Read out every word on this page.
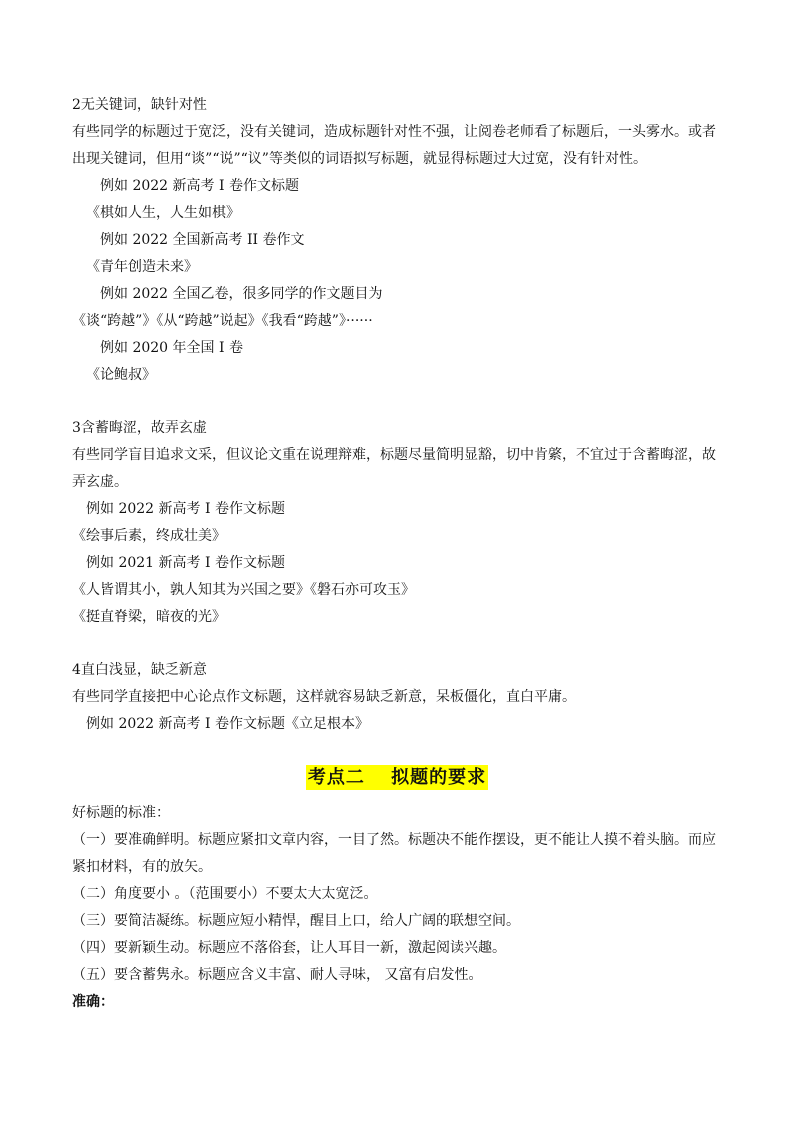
2无关键词，缺针对性
有些同学的标题过于宽泛，没有关键词，造成标题针对性不强，让阅卷老师看了标题后，一头雾水。或者
出现关键词，但用“谈”“说”“议”等类似的词语拟写标题，就显得标题过大过宽，没有针对性。
例如 2022 新高考 I 卷作文标题
《棋如人生，人生如棋》
例如 2022 全国新高考 II 卷作文
《青年创造未来》
例如 2022 全国乙卷，很多同学的作文题目为
《谈“跨越”》《从“跨越”说起》《我看“跨越”》······
例如 2020 年全国 I 卷
《论鲍叔》
3含蓄晦涩，故弄玄虚
有些同学盲目追求文采，但议论文重在说理辩难，标题尽量简明显豁，切中肯綮，不宜过于含蓄晦涩，故
弄玄虚。
例如 2022 新高考 I 卷作文标题
《绘事后素，终成壮美》
例如 2021 新高考 I 卷作文标题
《人皆谓其小，孰人知其为兴国之要》《磐石亦可攻玉》
《挺直脊梁，暗夜的光》
4直白浅显，缺乏新意
有些同学直接把中心论点作文标题，这样就容易缺乏新意，呆板僵化，直白平庸。
例如 2022 新高考 I 卷作文标题《立足根本》
考点二　 拟题的要求
好标题的标准：
（一）要准确鲜明。标题应紧扣文章内容，一目了然。标题决不能作摆设，更不能让人摸不着头脑。而应
紧扣材料，有的放矢。
（二）角度要小 。（范围要小）不要太大太宽泛。
（三）要简洁凝练。标题应短小精悍，醒目上口，给人广阔的联想空间。
（四）要新颖生动。标题应不落俗套，让人耳目一新，激起阅读兴趣。
（五）要含蓄隽永。标题应含义丰富、耐人寻味， 又富有启发性。
准确：
